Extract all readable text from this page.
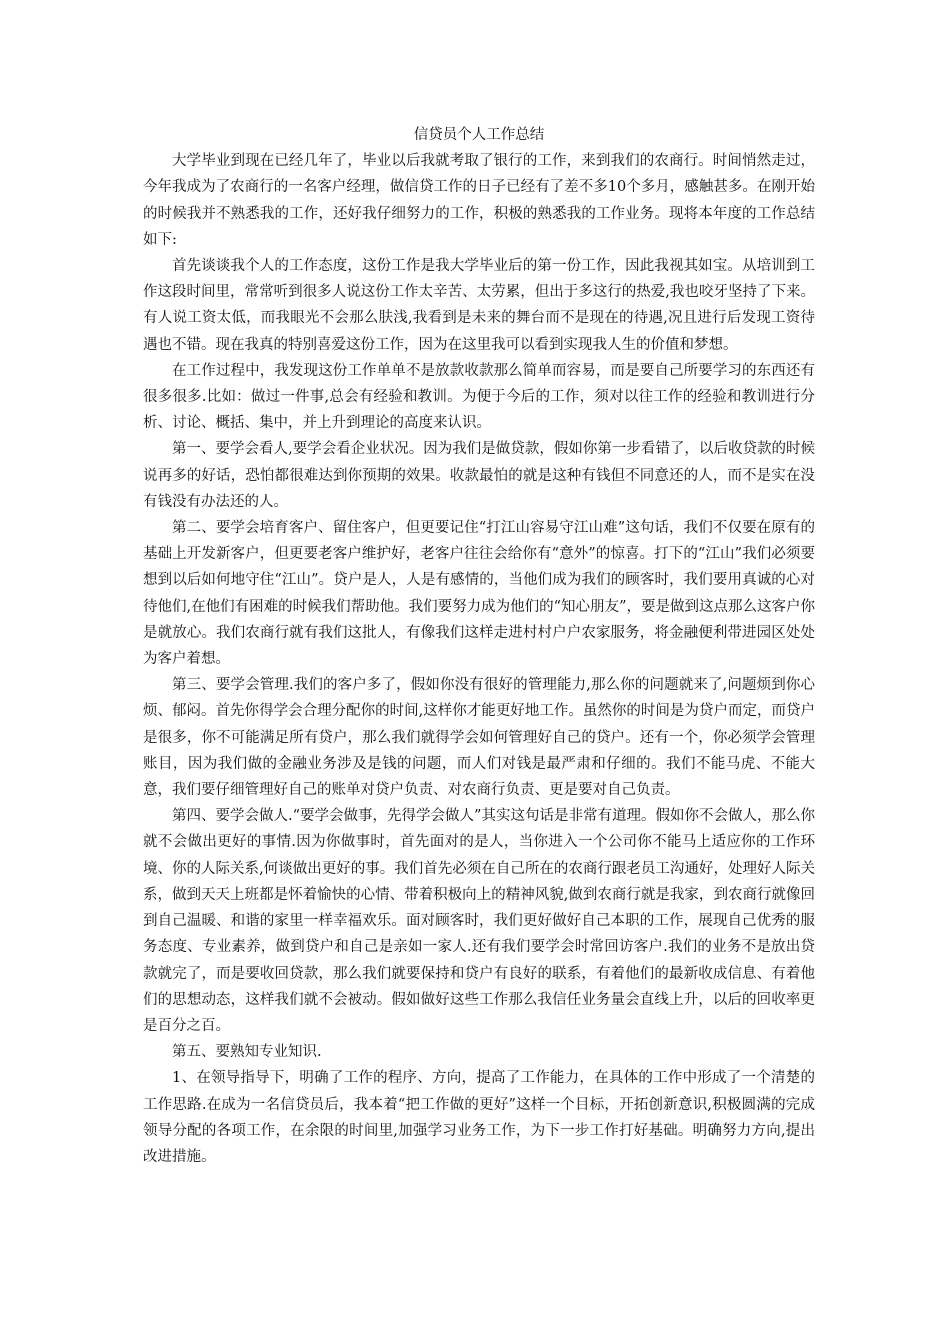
信贷员个人工作总结

大学毕业到现在已经几年了，毕业以后我就考取了银行的工作，来到我们的农商行。时间悄然走过，今年我成为了农商行的一名客户经理，做信贷工作的日子已经有了差不多10个多月，感触甚多。在刚开始的时候我并不熟悉我的工作，还好我仔细努力的工作，积极的熟悉我的工作业务。现将本年度的工作总结如下:

首先谈谈我个人的工作态度，这份工作是我大学毕业后的第一份工作，因此我视其如宝。从培训到工作这段时间里，常常听到很多人说这份工作太辛苦、太劳累，但出于多这行的热爱,我也咬牙坚持了下来。有人说工资太低，而我眼光不会那么肤浅,我看到是未来的舞台而不是现在的待遇,况且进行后发现工资待遇也不错。现在我真的特别喜爱这份工作，因为在这里我可以看到实现我人生的价值和梦想。

在工作过程中，我发现这份工作单单不是放款收款那么简单而容易，而是要自己所要学习的东西还有很多很多.比如：做过一件事,总会有经验和教训。为便于今后的工作，须对以往工作的经验和教训进行分析、讨论、概括、集中，并上升到理论的高度来认识。

第一、要学会看人,要学会看企业状况。因为我们是做贷款，假如你第一步看错了，以后收贷款的时候说再多的好话，恐怕都很难达到你预期的效果。收款最怕的就是这种有钱但不同意还的人，而不是实在没有钱没有办法还的人。

第二、要学会培育客户、留住客户，但更要记住“打江山容易守江山难”这句话，我们不仅要在原有的基础上开发新客户，但更要老客户维护好，老客户往往会给你有“意外”的惊喜。打下的“江山”我们必须要想到以后如何地守住“江山”。贷户是人，人是有感情的，当他们成为我们的顾客时，我们要用真诚的心对待他们,在他们有困难的时候我们帮助他。我们要努力成为他们的“知心朋友”，要是做到这点那么这客户你是就放心。我们农商行就有我们这批人，有像我们这样走进村村户户农家服务，将金融便利带进园区处处为客户着想。

第三、要学会管理.我们的客户多了，假如你没有很好的管理能力,那么你的问题就来了,问题烦到你心烦、郁闷。首先你得学会合理分配你的时间,这样你才能更好地工作。虽然你的时间是为贷户而定，而贷户是很多，你不可能满足所有贷户，那么我们就得学会如何管理好自己的贷户。还有一个，你必须学会管理账目，因为我们做的金融业务涉及是钱的问题，而人们对钱是最严肃和仔细的。我们不能马虎、不能大意，我们要仔细管理好自己的账单对贷户负责、对农商行负责、更是要对自己负责。

第四、要学会做人.“要学会做事，先得学会做人”其实这句话是非常有道理。假如你不会做人，那么你就不会做出更好的事情.因为你做事时，首先面对的是人，当你进入一个公司你不能马上适应你的工作环境、你的人际关系,何谈做出更好的事。我们首先必须在自己所在的农商行跟老员工沟通好，处理好人际关系，做到天天上班都是怀着愉快的心情、带着积极向上的精神风貌,做到农商行就是我家，到农商行就像回到自己温暖、和谐的家里一样幸福欢乐。面对顾客时，我们更好做好自己本职的工作，展现自己优秀的服务态度、专业素养，做到贷户和自己是亲如一家人.还有我们要学会时常回访客户.我们的业务不是放出贷款就完了，而是要收回贷款，那么我们就要保持和贷户有良好的联系，有着他们的最新收成信息、有着他们的思想动态，这样我们就不会被动。假如做好这些工作那么我信任业务量会直线上升，以后的回收率更是百分之百。

第五、要熟知专业知识.

1、在领导指导下，明确了工作的程序、方向，提高了工作能力，在具体的工作中形成了一个清楚的工作思路.在成为一名信贷员后，我本着“把工作做的更好”这样一个目标，开拓创新意识,积极圆满的完成领导分配的各项工作，在余限的时间里,加强学习业务工作，为下一步工作打好基础。明确努力方向,提出改进措施。
